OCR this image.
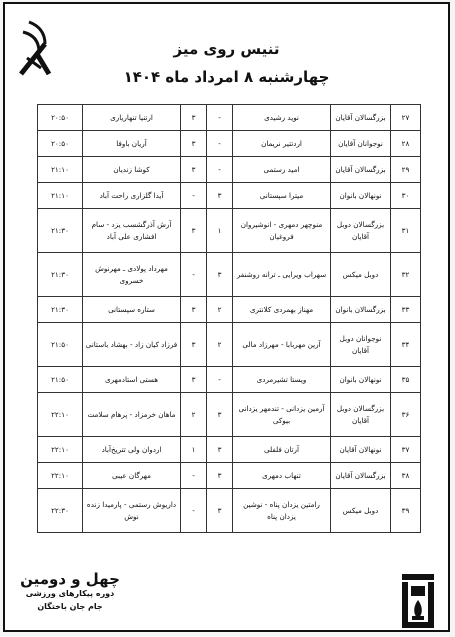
تنیس روی میز
چهارشنبه ۸ امرداد ماه ۱۴۰۴
چهل و دومین
دوره پیکارهای ورزشی
جام جان باختگان
۲۷	بزرگسالان آقایان	نوید رشیدی	-	۳	ارتنیا تنهاریاری	۲۰:۵۰
۲۸	نوجوانان آقایان	اردتتیر نریمان	-	۳	آریان باوفا	۲۰:۵۰
۲۹	بزرگسالان آقایان	امید رستمی	-	۳	کوشا زندیان	۲۱:۱۰
۳۰	نونهالان بانوان	میترا سپستانی	۳	-	آیدا گلزاری راحت آباد	۲۱:۱۰
۳۱	بزرگسالان دوبل آقایان	منوچهر دمهری - انوشیروان فروغیان	۱	۳	آرش آذرگشسب یزد - سام افشاری علی آباد	۲۱:۳۰
۳۲	دوبل میکس	سهراب ویرایی ـ ترانه روشنفر	۳	-	مهرداد پولادی ـ مهرنوش خسروی	۲۱:۳۰
۳۳	بزرگسالان بانوان	مهناز بهمردی کلانتری	۲	۳	ستاره سپستانی	۲۱:۳۰
۳۴	نوجوانان دوبل آقایان	آرین مهربابا - مهرزاد مالی	۲	۳	فرزاد کیان زاد - بهشاد باستانی	۲۱:۵۰
۳۵	نونهالان بانوان	ویستا تشیرمردی	-	۳	هستی استادمهری	۲۱:۵۰
۳۶	بزرگسالان دوبل آقایان	آرمین یزدانی - تندمهر یزدانی بیوکی	۳	۲	ماهان خرمزاد - پرهام سلامت	۲۲:۱۰
۳۷	نونهالان آقایان	آرتان فلفلی	۳	۱	اردوان ولی تتریخ‌آباد	۲۲:۱۰
۳۸	بزرگسالان آقایان	تنهاب دمهری	۳	-	مهرگان عیبی	۲۲:۱۰
۳۹	دوبل میکس	رامتین یزدان پناه - نوشین یزدان پناه	۳	-	داریوش رستمی - پارمیدا زنده نوش	۲۲:۳۰
